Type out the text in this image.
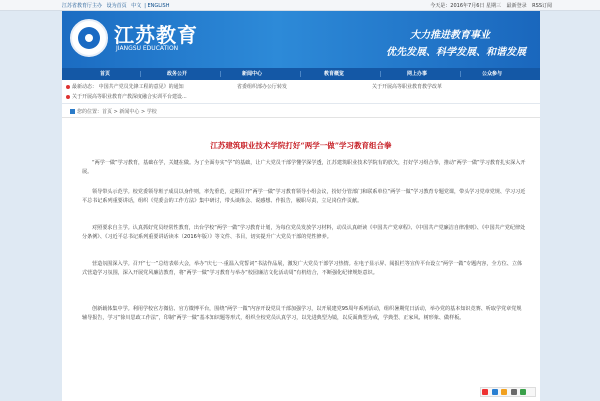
江苏省教育厅主办 设为首页 中文 | ENGLISH	今天是：2016年7月6日 星期三 最新登录 RSS订阅
江苏教育
JIANGSU EDUCATION
大力推进教育事业
优先发展、科学发展、和谐发展
首页	政务公开	新闻中心	教育概览	网上办事	公众参与
最新动态： 中国共产党员先锋工程的意见》的通知	省委组织部办公厅转发	关于开展高等职业教育教学改革
关于开展高等职业教育产教深度融合实训平台建设...
您的位置：首页 > 新闻中心 > 学校
江苏建筑职业技术学院打好“两学一做”学习教育组合拳
“两学一做”学习教育，基础在学，关键在做。为了全面夯实“学”的基础，让广大党员干部学懂学深学透，江苏建筑职业技术学院有的放矢，打好学习组合拳，推动“两学一做”学习教育扎实深入开展。
领导带头示范学。校党委领导班子成员以身作则，率先垂范，定期召开“两学一做”学习教育领导小组会议，扮好分管部门和联系单位“两学一做”学习教育专题党课，带头学习党章党规、学习习近平总书记系列重要讲话，组织《党委会的工作方法》集中研讨，带头谈体会、说感想、作报告，履职尽责，立足岗位作贡献。
对照要求自主学。认真抓好党员经常性教育，出台学校“两学一做”学习教育计划，为每位党员发放学习材料，动员认真研读《中国共产党章程》、《中国共产党廉洁自律准则》、《中国共产党纪律处分条例》、《习近平总书记系列重要讲话读本（2016年版）》等文件、书目，切实提升广大党员干部的党性修养。
营造氛围深入学。召开“七一”总结表彰大会，举办“庆七一·重温入党誓词”书法作品展，激发广大党员干部学习热情。在电子显示屏、阅报栏等宣传平台设立“两学一做”专题内容，全方位、立体式营造学习氛围，深入开展党风廉洁教育，将“两学一做”学习教育与举办“校园廉洁文化活动周”有机结合，不断强化纪律规矩意识。
创新载体集中学。利用学校官方微信、官方微博平台，围绕“两学一做”内容开设党员干部加强学习，以开展建党95周年系列活动，组织暑期党日活动，举办党的基本知识竞赛、听取学党章党规辅导报告，学习“徐川思政工作法”，印制“两学一做”基本知识题等形式，组织全校党员认真学习，以先进典型为镜，以反面典型为戒，学典型、正家风、树形象、做样板。
